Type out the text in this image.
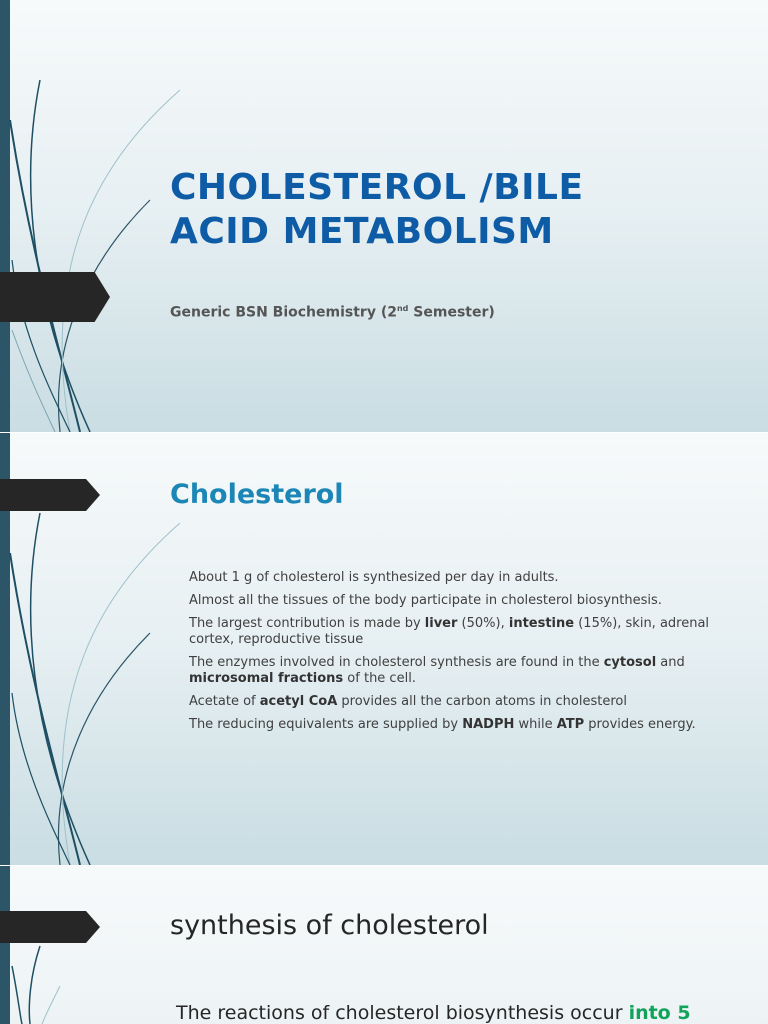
CHOLESTEROL /BILE
ACID METABOLISM
Generic BSN Biochemistry (2nd Semester)
Cholesterol
About 1 g of cholesterol is synthesized per day in adults.
Almost all the tissues of the body participate in cholesterol biosynthesis.
The largest contribution is made by liver (50%), intestine (15%), skin, adrenal cortex, reproductive tissue
The enzymes involved in cholesterol synthesis are found in the cytosol and microsomal fractions of the cell.
Acetate of acetyl CoA provides all the carbon atoms in cholesterol
The reducing equivalents are supplied by NADPH while ATP provides energy.
synthesis of cholesterol
The reactions of cholesterol biosynthesis occur into 5
